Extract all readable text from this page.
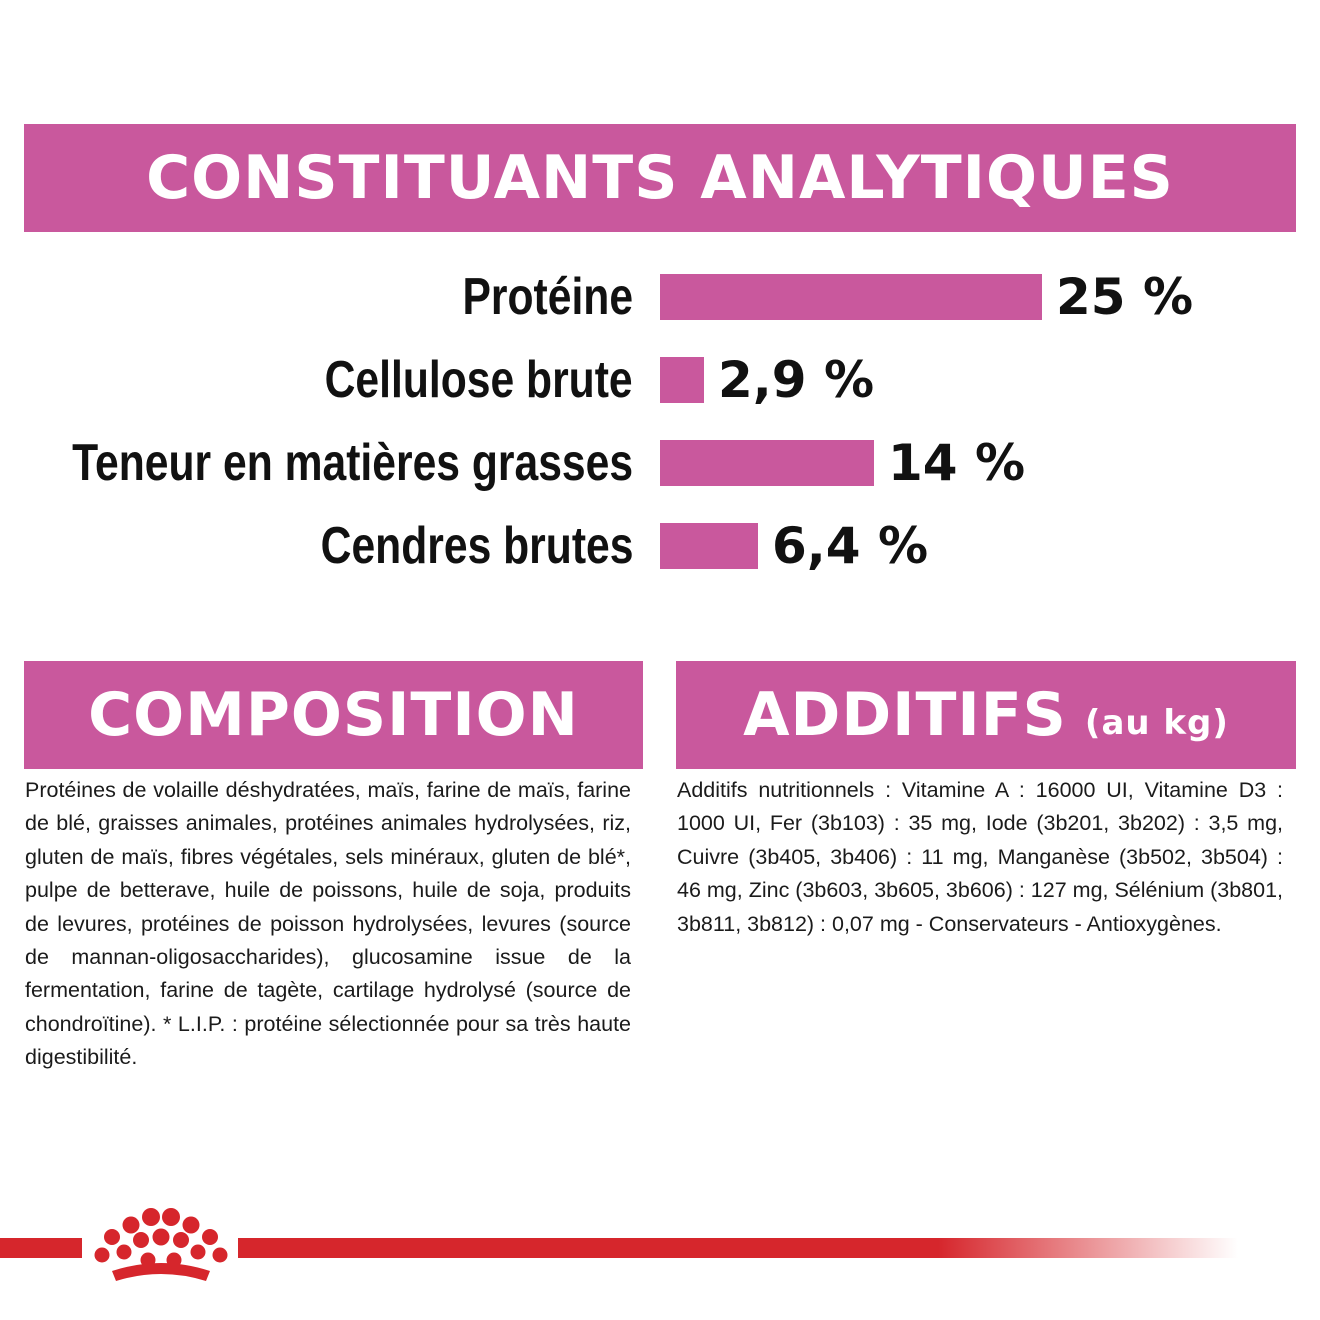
CONSTITUANTS ANALYTIQUES
Protéine	25 %
Cellulose brute 2,9 %
Teneur en matières grasses	14 %
Cendres brutes	6,4 %
COMPOSITION	ADDITIFS (au kg)
Protéines de volaille déshydratées, maïs, farine de maïs, farine de blé, graisses animales, protéines animales hydrolysées, riz, gluten de maïs, fibres végétales, sels minéraux, gluten de blé*, pulpe de betterave, huile de poissons, huile de soja, produits de levures, protéines de poisson hydrolysées, levures (source de mannan-oligosaccharides), glucosamine issue de la fermentation, farine de tagète, cartilage hydrolysé (source de chondroïtine). * L.I.P. : protéine sélectionnée pour sa très haute digestibilité.
Additifs nutritionnels : Vitamine A : 16000 UI, Vitamine D3 : 1000 UI, Fer (3b103) : 35 mg, Iode (3b201, 3b202) : 3,5 mg, Cuivre (3b405, 3b406) : 11 mg, Manganèse (3b502, 3b504) : 46 mg, Zinc (3b603, 3b605, 3b606) : 127 mg, Sélénium (3b801, 3b811, 3b812) : 0,07 mg - Conservateurs - Antioxygènes.
